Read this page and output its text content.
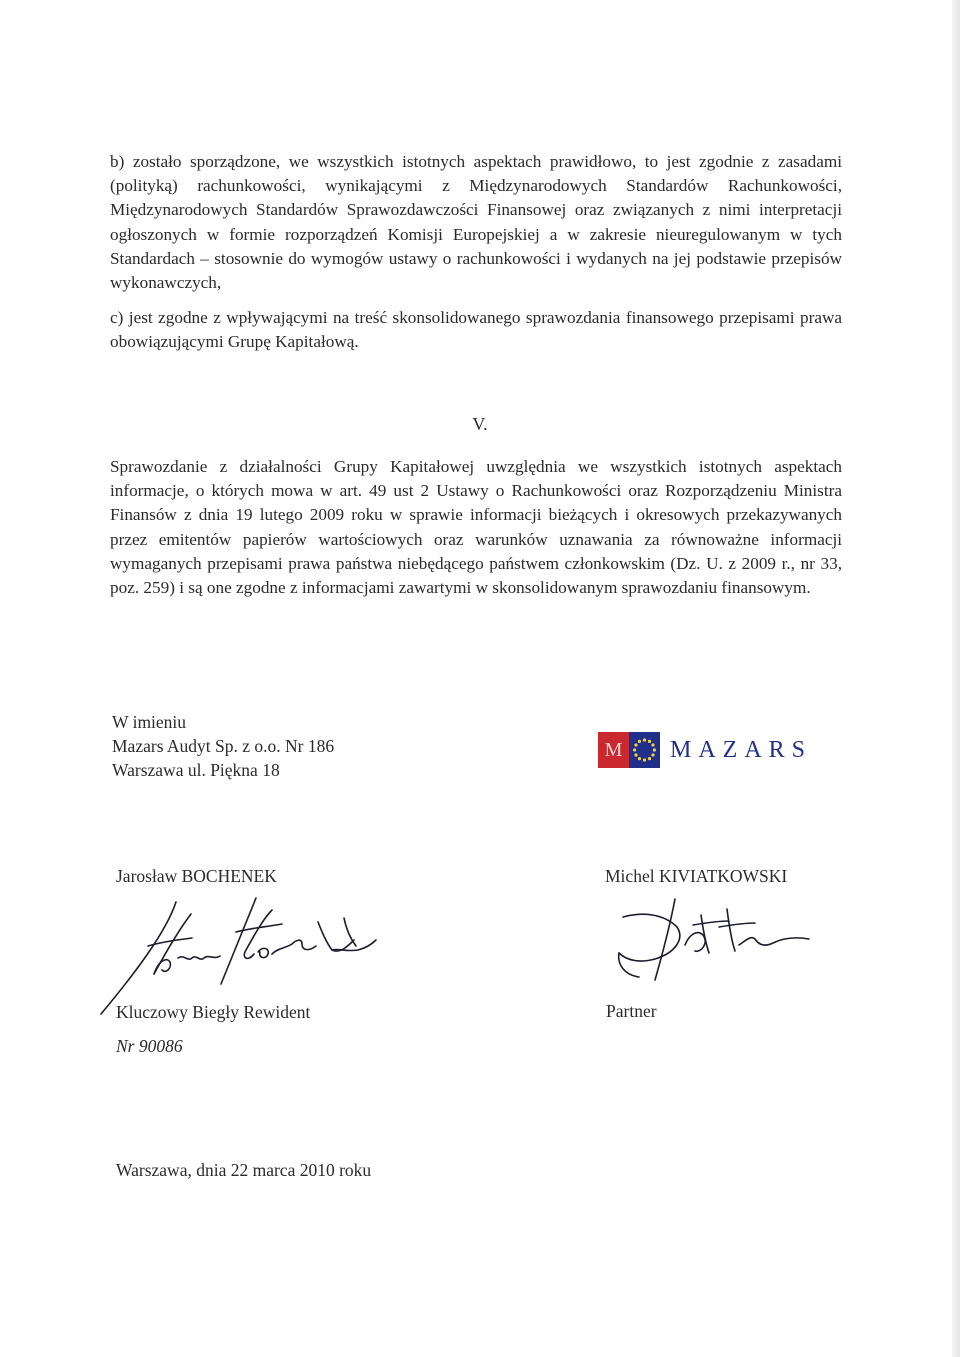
b) zostało sporządzone, we wszystkich istotnych aspektach prawidłowo, to jest zgodnie z zasadami (polityką) rachunkowości, wynikającymi z Międzynarodowych Standardów Rachunkowości, Międzynarodowych Standardów Sprawozdawczości Finansowej oraz związanych z nimi interpretacji ogłoszonych w formie rozporządzeń Komisji Europejskiej a w zakresie nieuregulowanym w tych Standardach – stosownie do wymogów ustawy o rachunkowości i wydanych na jej podstawie przepisów wykonawczych,

c) jest zgodne z wpływającymi na treść skonsolidowanego sprawozdania finansowego przepisami prawa obowiązującymi Grupę Kapitałową.

V.

Sprawozdanie z działalności Grupy Kapitałowej uwzględnia we wszystkich istotnych aspektach informacje, o których mowa w art. 49 ust 2 Ustawy o Rachunkowości oraz Rozporządzeniu Ministra Finansów z dnia 19 lutego 2009 roku w sprawie informacji bieżących i okresowych przekazywanych przez emitentów papierów wartościowych oraz warunków uznawania za równoważne informacji wymaganych przepisami prawa państwa niebędącego państwem członkowskim (Dz. U. z 2009 r., nr 33, poz. 259) i są one zgodne z informacjami zawartymi w skonsolidowanym sprawozdaniu finansowym.

W imieniu
Mazars Audyt Sp. z o.o. Nr 186
Warszawa ul. Piękna 18
M MAZARS
Jarosław BOCHENEK	Michel KIVIATKOWSKI
Kluczowy Biegły Rewident	Partner
Nr 90086
Warszawa, dnia 22 marca 2010 roku
